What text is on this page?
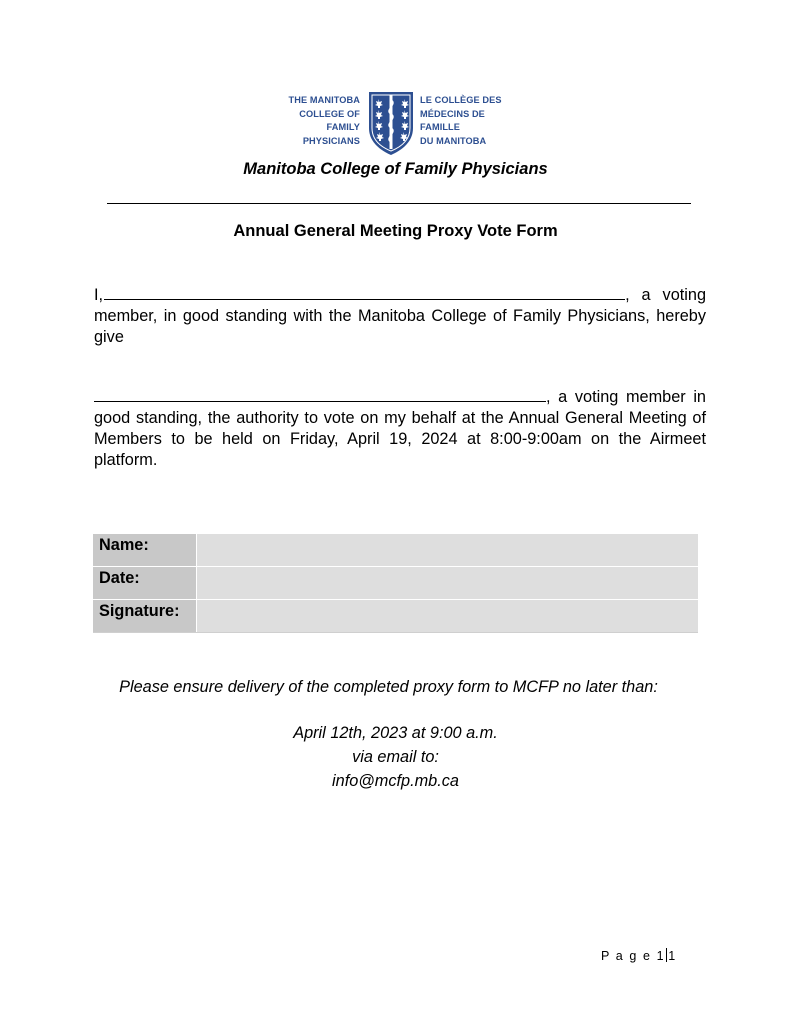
THE MANITOBA
COLLEGE OF
FAMILY PHYSICIANS
LE COLLÈGE DES
MÉDECINS DE FAMILLE
DU MANITOBA
Manitoba College of Family Physicians
Annual General Meeting Proxy Vote Form
I,	, a voting member, in good standing with the Manitoba College of Family Physicians, hereby give
, a voting member in good standing, the authority to vote on my behalf at the Annual General Meeting of Members to be held on Friday, April 19, 2024 at 8:00-9:00am on the Airmeet platform.
Name:	
Date:	
Signature:	
Please ensure delivery of the completed proxy form to MCFP no later than:
April 12th, 2023 at 9:00 a.m.
via email to:
info@mcfp.mb.ca
P a g e 1 1
